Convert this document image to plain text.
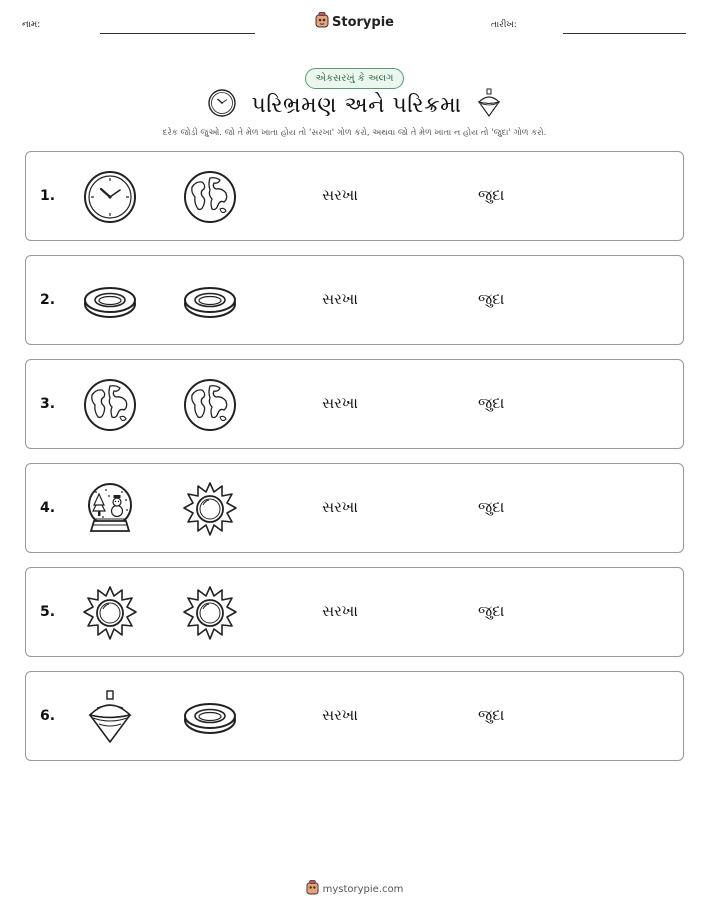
નામ:	Storypie	તારીખ:
એકસરખું કે અલગ
પરિભ્રમણ અને પરિક્રમા
દરેક જોડી જુઓ. જો તે મેળ ખાતા હોય તો 'સરખા' ગોળ કરો, અથવા જો તે મેળ ખાતા ન હોય તો 'જુદા' ગોળ કરો.
1.	સરખા	જુદા
2.	સરખા	જુદા
3.	સરખા	જુદા
4.	સરખા	જુદા
5.	સરખા	જુદા
6.	સરખા	જુદા
mystorypie.com
